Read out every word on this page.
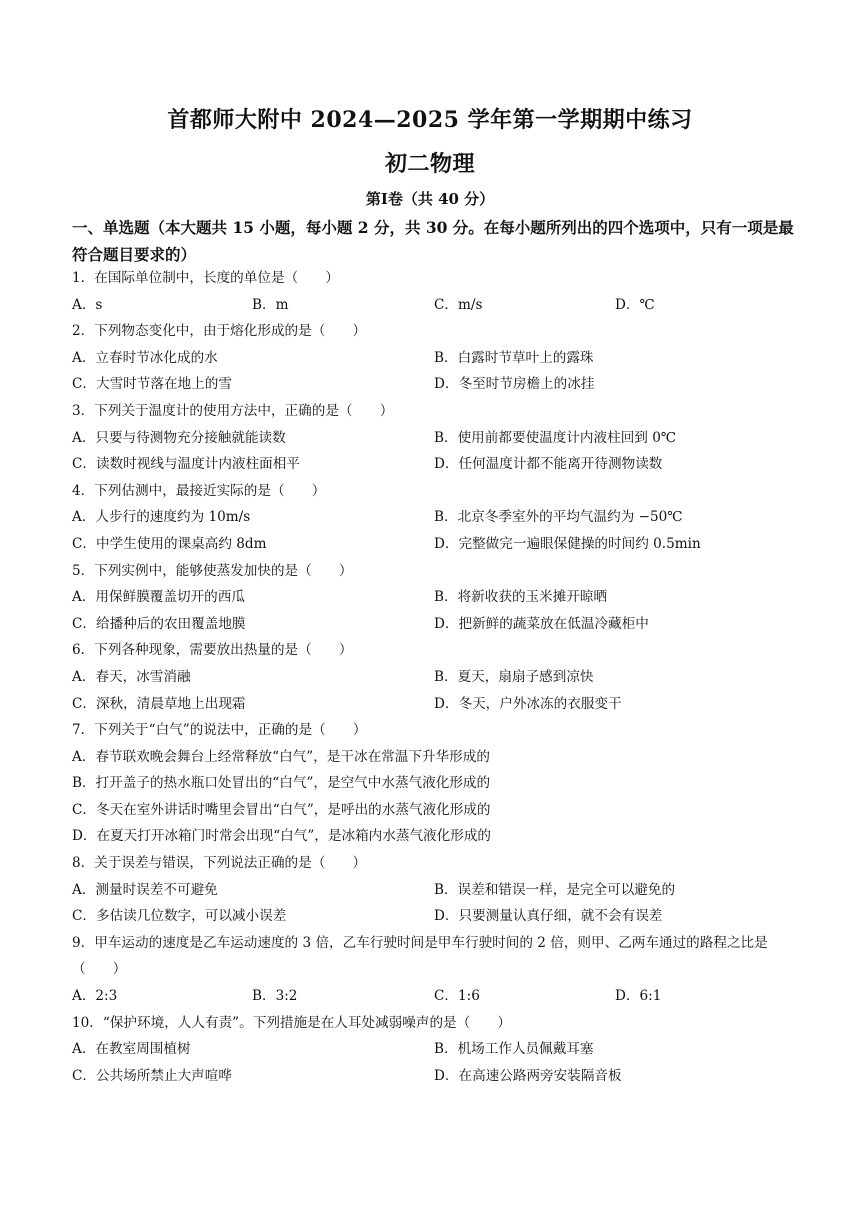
首都师大附中 2024—2025 学年第一学期期中练习
初二物理
第Ⅰ卷（共 40 分）
一、单选题（本大题共 15 小题，每小题 2 分，共 30 分。在每小题所列出的四个选项中，只有一项是最符合题目要求的）
1．在国际单位制中，长度的单位是（　　）
A．s	B．m	C．m/s	D．℃
2．下列物态变化中，由于熔化形成的是（　　）
A．立春时节冰化成的水	B．白露时节草叶上的露珠
C．大雪时节落在地上的雪	D．冬至时节房檐上的冰挂
3．下列关于温度计的使用方法中，正确的是（　　）
A．只要与待测物充分接触就能读数	B．使用前都要使温度计内液柱回到 0℃
C．读数时视线与温度计内液柱面相平	D．任何温度计都不能离开待测物读数
4．下列估测中，最接近实际的是（　　）
A．人步行的速度约为 10m/s	B．北京冬季室外的平均气温约为 −50℃
C．中学生使用的课桌高约 8dm	D．完整做完一遍眼保健操的时间约 0.5min
5．下列实例中，能够使蒸发加快的是（　　）
A．用保鲜膜覆盖切开的西瓜	B．将新收获的玉米摊开晾晒
C．给播种后的农田覆盖地膜	D．把新鲜的蔬菜放在低温冷藏柜中
6．下列各种现象，需要放出热量的是（　　）
A．春天，冰雪消融	B．夏天，扇扇子感到凉快
C．深秋，清晨草地上出现霜	D．冬天，户外冰冻的衣服变干
7．下列关于“白气”的说法中，正确的是（　　）
A．春节联欢晚会舞台上经常释放“白气”，是干冰在常温下升华形成的
B．打开盖子的热水瓶口处冒出的“白气”，是空气中水蒸气液化形成的
C．冬天在室外讲话时嘴里会冒出“白气”，是呼出的水蒸气液化形成的
D．在夏天打开冰箱门时常会出现“白气”，是冰箱内水蒸气液化形成的
8．关于误差与错误，下列说法正确的是（　　）
A．测量时误差不可避免	B．误差和错误一样，是完全可以避免的
C．多估读几位数字，可以减小误差	D．只要测量认真仔细，就不会有误差
9．甲车运动的速度是乙车运动速度的 3 倍，乙车行驶时间是甲车行驶时间的 2 倍，则甲、乙两车通过的路程之比是（　　）
A．2:3	B．3:2	C．1:6	D．6:1
10．“保护环境，人人有责”。下列措施是在人耳处减弱噪声的是（　　）
A．在教室周围植树	B．机场工作人员佩戴耳塞
C．公共场所禁止大声喧哗	D．在高速公路两旁安装隔音板
